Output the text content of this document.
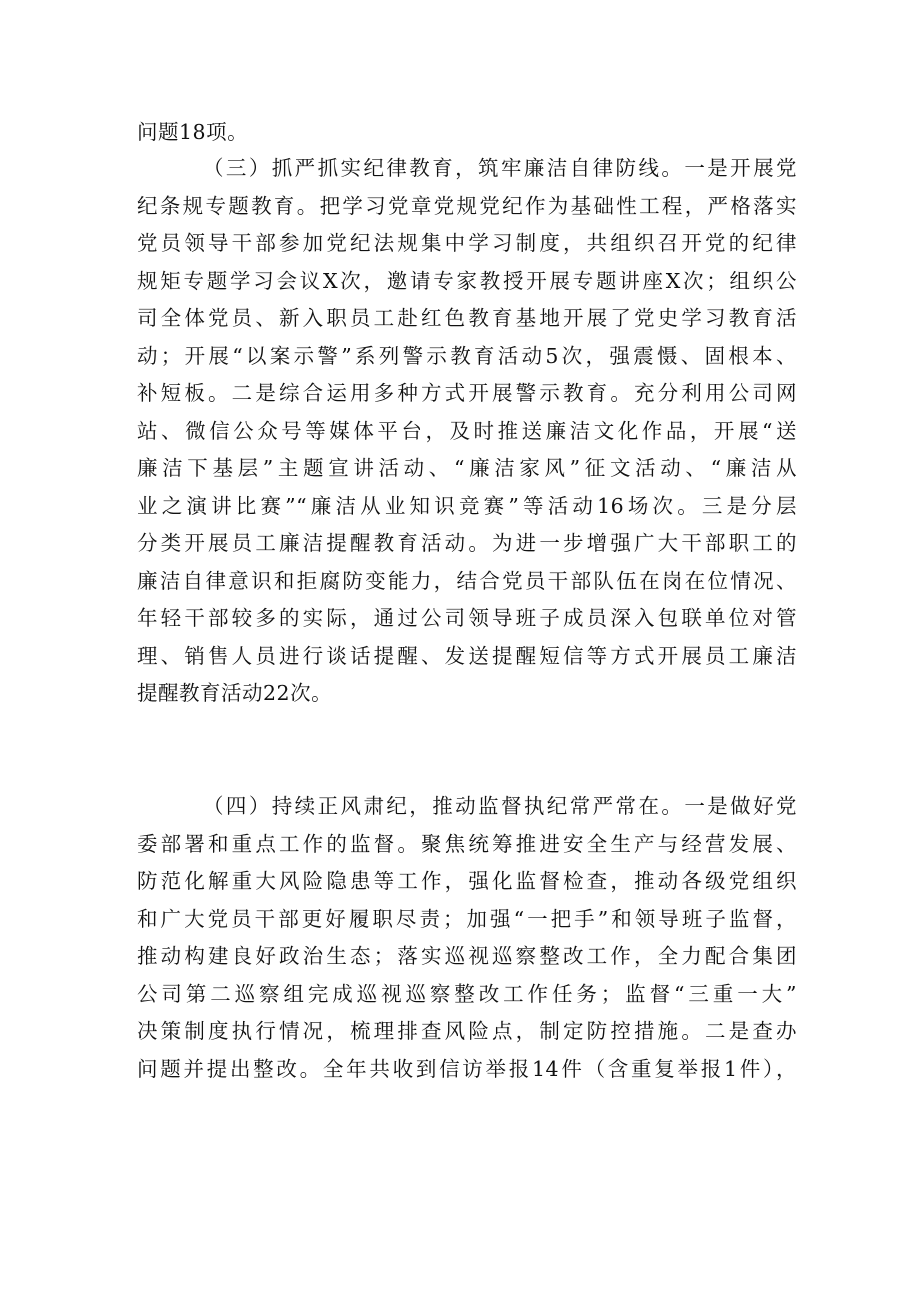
问题18项。
（三）抓严抓实纪律教育，筑牢廉洁自律防线。一是开展党
纪条规专题教育。把学习党章党规党纪作为基础性工程，严格落实
党员领导干部参加党纪法规集中学习制度，共组织召开党的纪律
规矩专题学习会议X次，邀请专家教授开展专题讲座X次；组织公
司全体党员、新入职员工赴红色教育基地开展了党史学习教育活
动；开展“以案示警”系列警示教育活动5次，强震慑、固根本、
补短板。二是综合运用多种方式开展警示教育。充分利用公司网
站、微信公众号等媒体平台，及时推送廉洁文化作品，开展“送
廉洁下基层”主题宣讲活动、“廉洁家风”征文活动、“廉洁从
业之演讲比赛”“廉洁从业知识竞赛”等活动16场次。三是分层
分类开展员工廉洁提醒教育活动。为进一步增强广大干部职工的
廉洁自律意识和拒腐防变能力，结合党员干部队伍在岗在位情况、
年轻干部较多的实际，通过公司领导班子成员深入包联单位对管
理、销售人员进行谈话提醒、发送提醒短信等方式开展员工廉洁
提醒教育活动22次。
（四）持续正风肃纪，推动监督执纪常严常在。一是做好党
委部署和重点工作的监督。聚焦统筹推进安全生产与经营发展、
防范化解重大风险隐患等工作，强化监督检查，推动各级党组织
和广大党员干部更好履职尽责；加强“一把手”和领导班子监督，
推动构建良好政治生态；落实巡视巡察整改工作，全力配合集团
公司第二巡察组完成巡视巡察整改工作任务；监督“三重一大”
决策制度执行情况，梳理排查风险点，制定防控措施。二是查办
问题并提出整改。全年共收到信访举报14件（含重复举报1件），
